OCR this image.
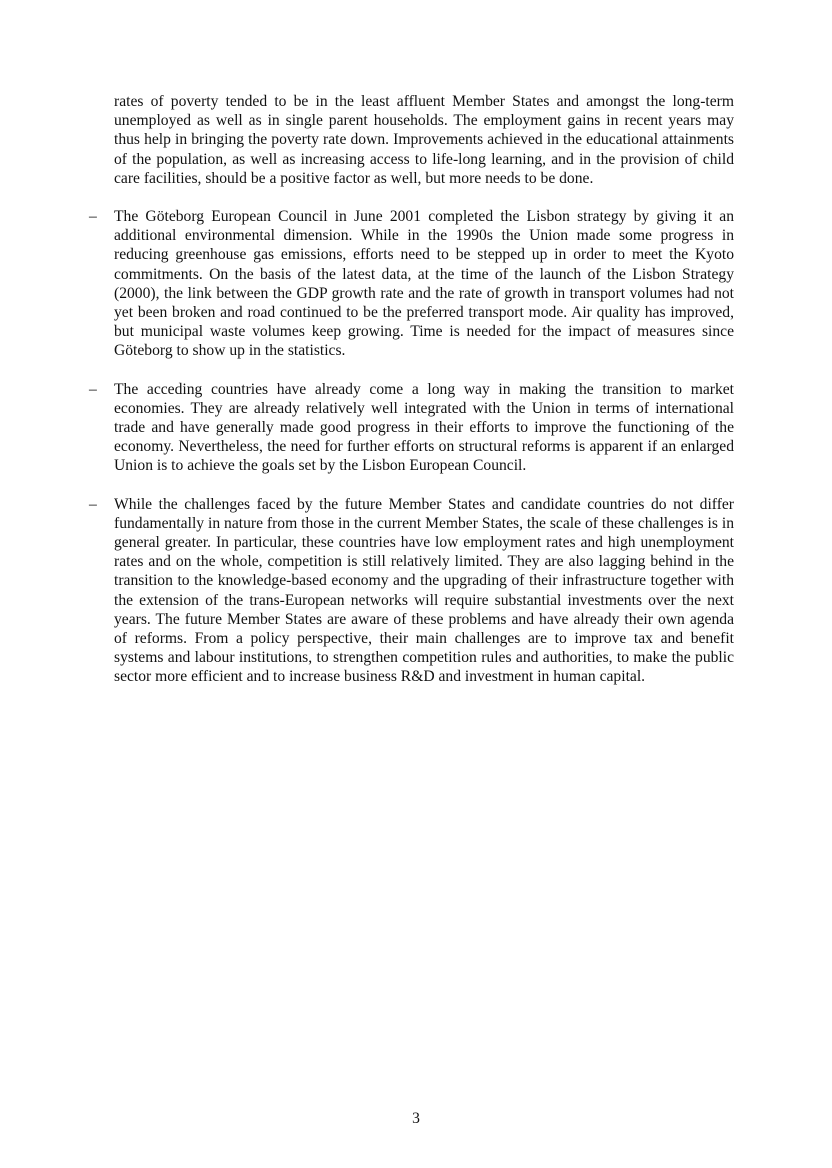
rates of poverty tended to be in the least affluent Member States and amongst the long-term unemployed as well as in single parent households. The employment gains in recent years may thus help in bringing the poverty rate down. Improvements achieved in the educational attainments of the population, as well as increasing access to life-long learning, and in the provision of child care facilities, should be a positive factor as well, but more needs to be done.

–	The Göteborg European Council in June 2001 completed the Lisbon strategy by giving it an additional environmental dimension. While in the 1990s the Union made some progress in reducing greenhouse gas emissions, efforts need to be stepped up in order to meet the Kyoto commitments. On the basis of the latest data, at the time of the launch of the Lisbon Strategy (2000), the link between the GDP growth rate and the rate of growth in transport volumes had not yet been broken and road continued to be the preferred transport mode. Air quality has improved, but municipal waste volumes keep growing. Time is needed for the impact of measures since Göteborg to show up in the statistics.

–	The acceding countries have already come a long way in making the transition to market economies. They are already relatively well integrated with the Union in terms of international trade and have generally made good progress in their efforts to improve the functioning of the economy. Nevertheless, the need for further efforts on structural reforms is apparent if an enlarged Union is to achieve the goals set by the Lisbon European Council.

–	While the challenges faced by the future Member States and candidate countries do not differ fundamentally in nature from those in the current Member States, the scale of these challenges is in general greater. In particular, these countries have low employment rates and high unemployment rates and on the whole, competition is still relatively limited. They are also lagging behind in the transition to the knowledge-based economy and the upgrading of their infrastructure together with the extension of the trans-European networks will require substantial investments over the next years. The future Member States are aware of these problems and have already their own agenda of reforms. From a policy perspective, their main challenges are to improve tax and benefit systems and labour institutions, to strengthen competition rules and authorities, to make the public sector more efficient and to increase business R&D and investment in human capital.

3
